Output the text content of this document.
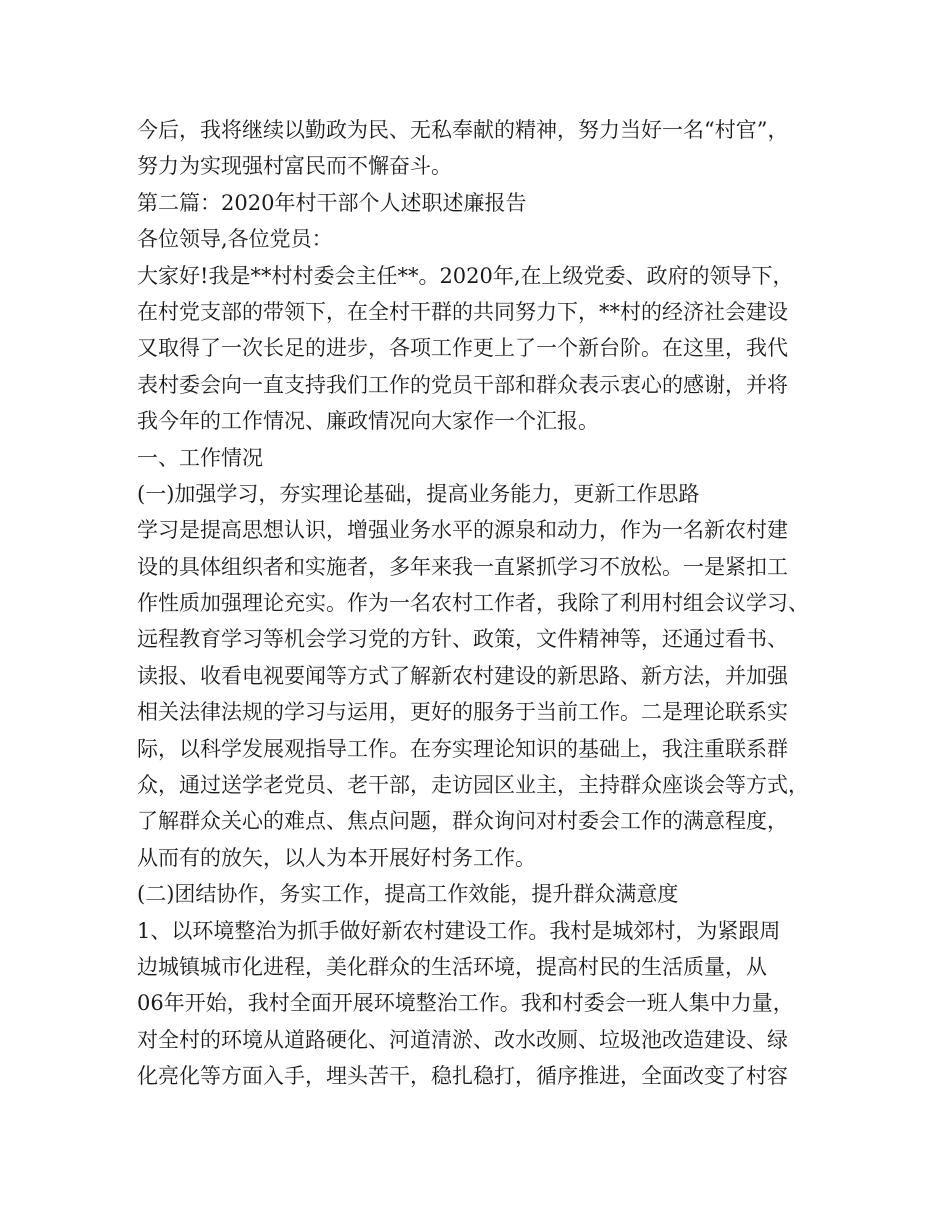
今后，我将继续以勤政为民、无私奉献的精神，努力当好一名“村官”，
努力为实现强村富民而不懈奋斗。
第二篇：2020年村干部个人述职述廉报告
各位领导,各位党员：
大家好!我是**村村委会主任**。2020年,在上级党委、政府的领导下，
在村党支部的带领下，在全村干群的共同努力下，**村的经济社会建设
又取得了一次长足的进步，各项工作更上了一个新台阶。在这里，我代
表村委会向一直支持我们工作的党员干部和群众表示衷心的感谢，并将
我今年的工作情况、廉政情况向大家作一个汇报。
一、工作情况
(一)加强学习，夯实理论基础，提高业务能力，更新工作思路
学习是提高思想认识，增强业务水平的源泉和动力，作为一名新农村建
设的具体组织者和实施者，多年来我一直紧抓学习不放松。一是紧扣工
作性质加强理论充实。作为一名农村工作者，我除了利用村组会议学习、
远程教育学习等机会学习党的方针、政策，文件精神等，还通过看书、
读报、收看电视要闻等方式了解新农村建设的新思路、新方法，并加强
相关法律法规的学习与运用，更好的服务于当前工作。二是理论联系实
际，以科学发展观指导工作。在夯实理论知识的基础上，我注重联系群
众，通过送学老党员、老干部，走访园区业主，主持群众座谈会等方式，
了解群众关心的难点、焦点问题，群众询问对村委会工作的满意程度，
从而有的放矢，以人为本开展好村务工作。
(二)团结协作，务实工作，提高工作效能，提升群众满意度
1、以环境整治为抓手做好新农村建设工作。我村是城郊村，为紧跟周
边城镇城市化进程，美化群众的生活环境，提高村民的生活质量，从
06年开始，我村全面开展环境整治工作。我和村委会一班人集中力量，
对全村的环境从道路硬化、河道清淤、改水改厕、垃圾池改造建设、绿
化亮化等方面入手，埋头苦干，稳扎稳打，循序推进，全面改变了村容
